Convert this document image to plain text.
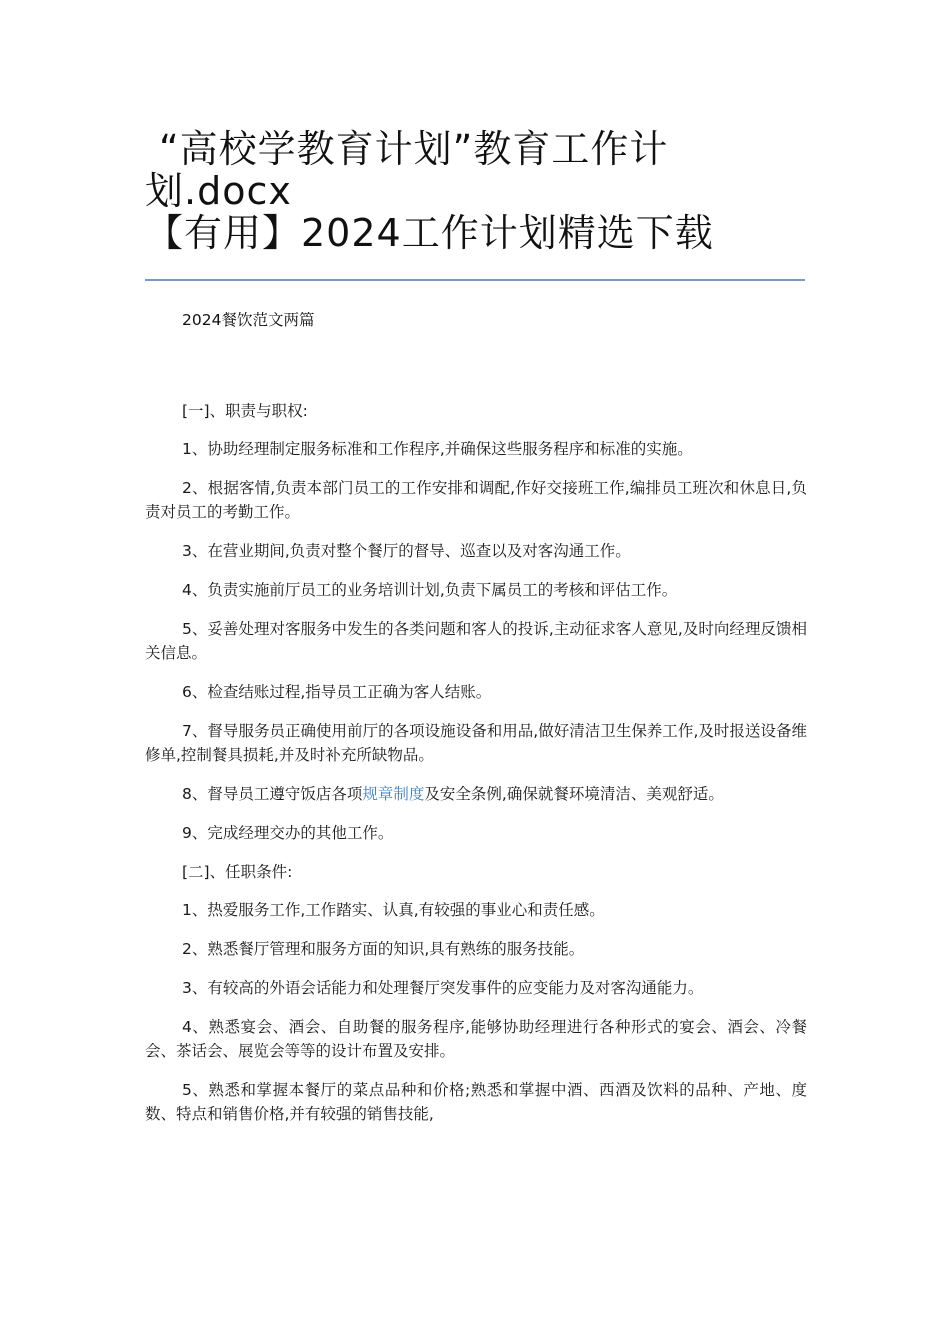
“高校学教育计划”教育工作计
划.docx
【有用】2024工作计划精选下载
2024餐饮范文两篇

[一]、职责与职权:

1、协助经理制定服务标准和工作程序,并确保这些服务程序和标准的实施。

2、根据客情,负责本部门员工的工作安排和调配,作好交接班工作,编排员工班次和休息日,负责对员工的考勤工作。

3、在营业期间,负责对整个餐厅的督导、巡查以及对客沟通工作。

4、负责实施前厅员工的业务培训计划,负责下属员工的考核和评估工作。

5、妥善处理对客服务中发生的各类问题和客人的投诉,主动征求客人意见,及时向经理反馈相关信息。

6、检查结账过程,指导员工正确为客人结账。

7、督导服务员正确使用前厅的各项设施设备和用品,做好清洁卫生保养工作,及时报送设备维修单,控制餐具损耗,并及时补充所缺物品。

8、督导员工遵守饭店各项规章制度及安全条例,确保就餐环境清洁、美观舒适。

9、完成经理交办的其他工作。

[二]、任职条件:

1、热爱服务工作,工作踏实、认真,有较强的事业心和责任感。

2、熟悉餐厅管理和服务方面的知识,具有熟练的服务技能。

3、有较高的外语会话能力和处理餐厅突发事件的应变能力及对客沟通能力。

4、熟悉宴会、酒会、自助餐的服务程序,能够协助经理进行各种形式的宴会、酒会、冷餐会、茶话会、展览会等等的设计布置及安排。

5、熟悉和掌握本餐厅的菜点品种和价格;熟悉和掌握中酒、西酒及饮料的品种、产地、度数、特点和销售价格,并有较强的销售技能,
